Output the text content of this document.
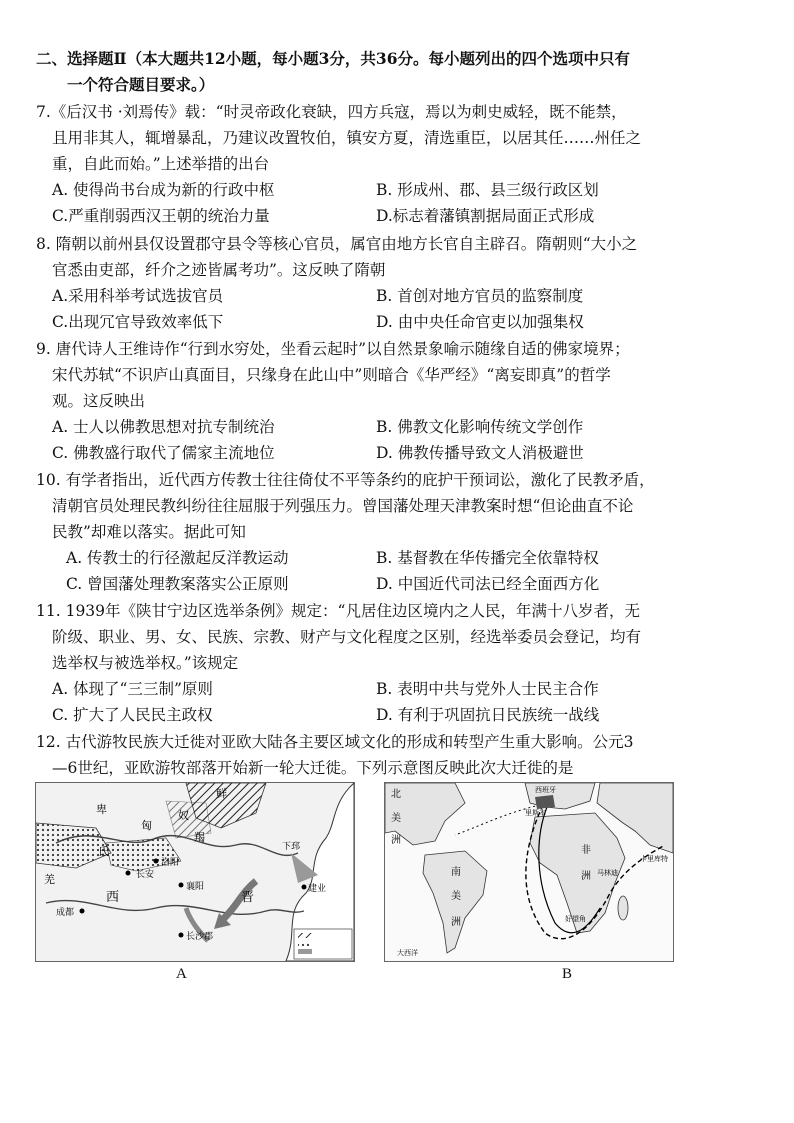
二、选择题Ⅱ（本大题共12小题，每小题3分，共36分。每小题列出的四个选项中只有
一个符合题目要求。）
7.《后汉书 ·刘焉传》载：“时灵帝政化衰缺，四方兵寇，焉以为刺史威轻，既不能禁，
且用非其人，辄增暴乱，乃建议改置牧伯，镇安方夏，清选重臣，以居其任……州任之
重，自此而始。”上述举措的出台
A. 使得尚书台成为新的行政中枢	B. 形成州、郡、县三级行政区划
C.严重削弱西汉王朝的统治力量	D.标志着藩镇割据局面正式形成
8. 隋朝以前州县仅设置郡守县令等核心官员，属官由地方长官自主辟召。隋朝则“大小之
官悉由吏部，纤介之迹皆属考功”。这反映了隋朝
A.采用科举考试选拔官员	B. 首创对地方官员的监察制度
C.出现冗官导致效率低下	D. 由中央任命官吏以加强集权
9. 唐代诗人王维诗作“行到水穷处，坐看云起时”以自然景象喻示随缘自适的佛家境界；
宋代苏轼“不识庐山真面目，只缘身在此山中”则暗合《华严经》“离妄即真”的哲学
观。这反映出
A. 士人以佛教思想对抗专制统治	B. 佛教文化影响传统文学创作
C. 佛教盛行取代了儒家主流地位	D. 佛教传播导致文人消极避世
10. 有学者指出，近代西方传教士往往倚仗不平等条约的庇护干预词讼，激化了民教矛盾，
清朝官员处理民教纠纷往往屈服于列强压力。曾国藩处理天津教案时想“但论曲直不论
民教”却难以落实。据此可知
A. 传教士的行径激起反洋教运动	B. 基督教在华传播完全依靠特权
C. 曾国藩处理教案落实公正原则	D. 中国近代司法已经全面西方化
11. 1939年《陕甘宁边区选举条例》规定：“凡居住边区境内之人民，年满十八岁者，无
阶级、职业、男、女、民族、宗教、财产与文化程度之区别，经选举委员会登记，均有
选举权与被选举权。”该规定
A. 体现了“三三制”原则	B. 表明中共与党外人士民主合作
C. 扩大了人民民主政权	D. 有利于巩固抗日民族统一战线
12. 古代游牧民族大迁徙对亚欧大陆各主要区域文化的形成和转型产生重大影响。公元3
—6世纪，亚欧游牧部落开始新一轮大迁徙。下列示意图反映此次大迁徙的是
鲜
卑
匈
奴
羯
洛阳
长安
氐
西	晋
成都
襄阳
长沙郡
建业
羌
下邳
A
北
美
洲
南
美
洲
非
洲
西班牙
里斯本
马林迪
卡里库特
好望角
大西洋
B
